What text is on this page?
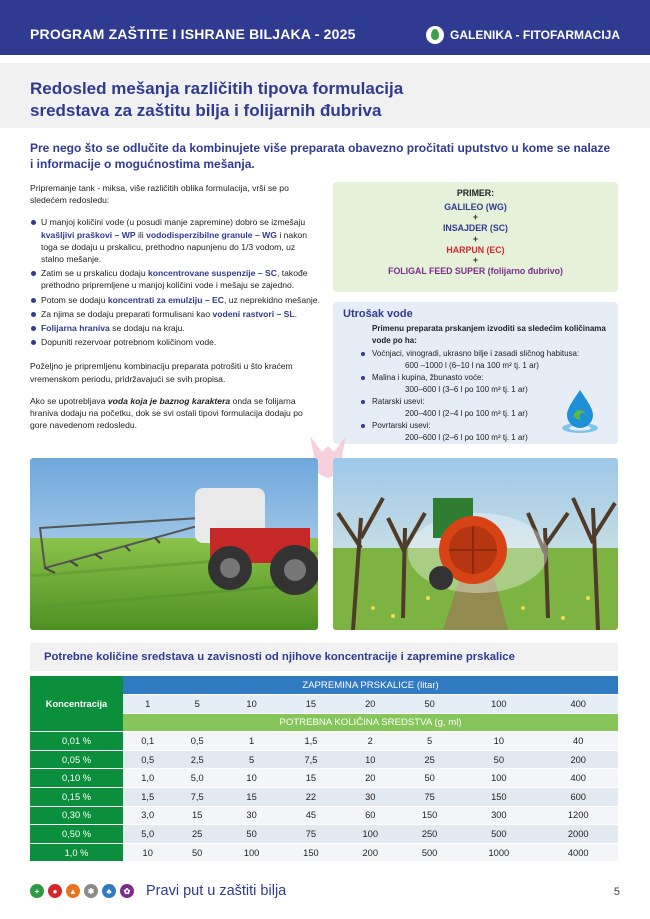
PROGRAM ZAŠTITE I ISHRANE BILJAKA - 2025	GALENIKA - FITOFARMACIJA
Redosled mešanja različitih tipova formulacija
sredstava za zaštitu bilja i folijarnih đubriva
Pre nego što se odlučite da kombinujete više preparata obavezno pročitati uputstvo u kome se nalaze i informacije o mogućnostima mešanja.

Pripremanje tank - miksa, više različitih oblika formulacija, vrši se po sledećem redosledu:

U manjoj količini vode (u posudi manje zapremine) dobro se izmešaju kvašljivi praškovi – WP ili vododisperzibilne granule – WG i nakon toga se dodaju u prskalicu, prethodno napunjenu do 1/3 vodom, uz stalno mešanje.
Zatim se u prskalicu dodaju koncentrovane suspenzije – SC, takođe prethodno pripremljene u manjoj količini vode i mešaju se zajedno.
Potom se dodaju koncentrati za emulziju – EC, uz neprekidno mešanje.
Za njima se dodaju preparati formulisani kao vodeni rastvori – SL.
Folijarna hraniva se dodaju na kraju.
Dopuniti rezervoar potrebnom količinom vode.

Poželjno je pripremljenu kombinaciju preparata potrošiti u što kraćem vremenskom periodu, pridržavajući se svih propisa.

Ako se upotrebljava voda koja je baznog karaktera onda se folijarna hraniva dodaju na početku, dok se svi ostali tipovi formulacija dodaju po gore navedenom redosledu.

PRIMER:
GALILEO (WG)
+
INSAJDER (SC)
+
HARPUN (EC)
+
FOLIGAL FEED SUPER (folijarno đubrivo)
Utrošak vode
Primenu preparata prskanjem izvoditi sa sledećim količinama vode po ha:
Voćnjaci, vinogradi, ukrasno bilje i zasadi sličnog habitusa:
600 –1000 l (6–10 l na 100 m² tj. 1 ar)
Malina i kupina, žbunasto voće:
300–600 l (3–6 l po 100 m² tj. 1 ar)
Ratarski usevi:
200–400 l (2–4 l po 100 m² tj. 1 ar)
Povrtarski usevi:
200–600 l (2–6 l po 100 m² tj. 1 ar)
Potrebne količine sredstava u zavisnosti od njihove koncentracije i zapremine prskalice
Koncentracija	ZAPREMINA PRSKALICE (litar)							
	1	5	10	15	20	50	100	400
	POTREBNA KOLIČINA SREDSTVA (g, ml)							
0,01 %	0,1	0,5	1	1,5	2	5	10	40
0,05 %	0,5	2,5	5	7,5	10	25	50	200
0,10 %	1,0	5,0	10	15	20	50	100	400
0,15 %	1,5	7,5	15	22	30	75	150	600
0,30 %	3,0	15	30	45	60	150	300	1200
0,50 %	5,0	25	50	75	100	250	500	2000
1,0 %	10	50	100	150	200	500	1000	4000
+	●	▲	✱	♣	✿ Pravi put u zaštiti bilja	5
